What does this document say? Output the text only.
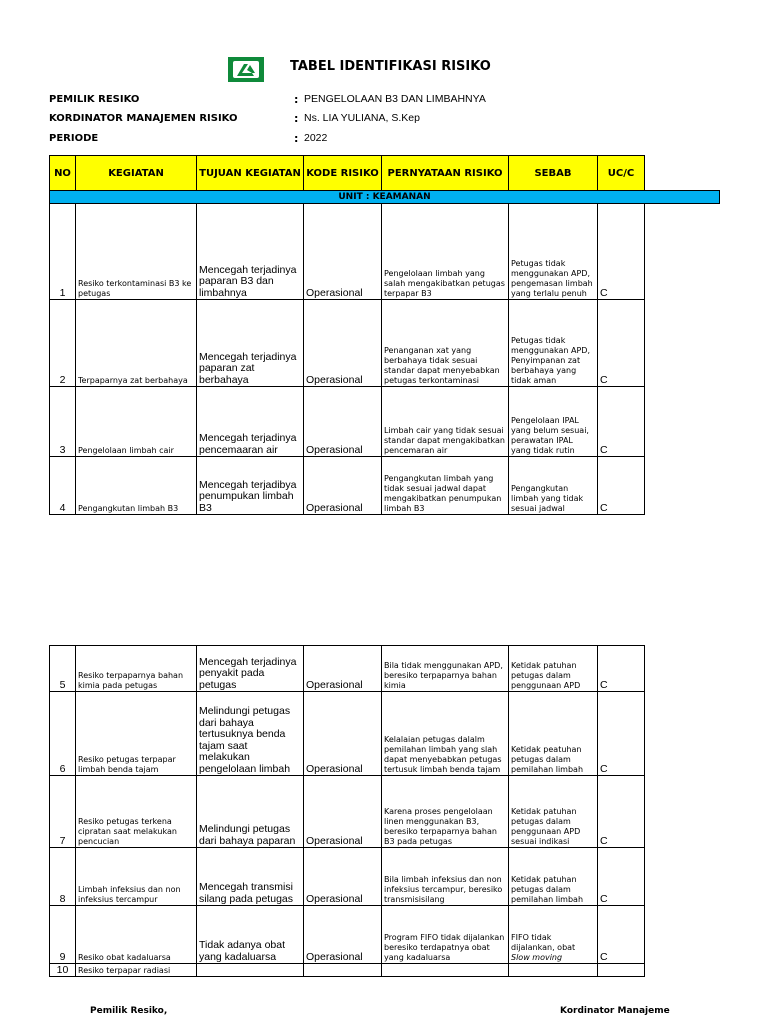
TABEL IDENTIFIKASI RISIKO
PEMILIK RESIKO	: PENGELOLAAN B3 DAN LIMBAHNYA
KORDINATOR MANAJEMEN RISIKO	: Ns. LIA YULIANA, S.Kep
PERIODE	: 2022
NO	KEGIATAN	TUJUAN KEGIATAN	KODE RISIKO	PERNYATAAN RISIKO	SEBAB	UC/C	
UNIT : KEAMANAN							
1	Resiko terkontaminasi B3 ke petugas	Mencegah terjadinya paparan B3 dan limbahnya	Operasional	Pengelolaan limbah yang salah mengakibatkan petugas terpapar B3	Petugas tidak menggunakan APD, pengemasan limbah yang terlalu penuh	C	
2	Terpaparnya zat berbahaya	Mencegah terjadinya paparan zat berbahaya	Operasional	Penanganan xat yang berbahaya tidak sesuai standar dapat menyebabkan petugas terkontaminasi	Petugas tidak menggunakan APD, Penyimpanan zat berbahaya yang tidak aman	C	
3	Pengelolaan limbah cair	Mencegah terjadinya pencemaaran air	Operasional	Limbah cair yang tidak sesuai standar dapat mengakibatkan pencemaran air	Pengelolaan IPAL yang belum sesuai, perawatan IPAL yang tidak rutin	C	
4	Pengangkutan limbah B3	Mencegah terjadibya penumpukan limbah B3	Operasional	Pengangkutan limbah yang tidak sesuai jadwal dapat mengakibatkan penumpukan limbah B3	Pengangkutan limbah yang tidak sesuai jadwal	C	
5	Resiko terpaparnya bahan kimia pada petugas	Mencegah terjadinya penyakit pada petugas	Operasional	Bila tidak menggunakan APD, beresiko terpaparnya bahan kimia	Ketidak patuhan petugas dalam penggunaan APD	C
6	Resiko petugas terpapar limbah benda tajam	Melindungi petugas dari bahaya tertusuknya benda tajam saat melakukan pengelolaan limbah	Operasional	Kelalaian petugas dalalm pemilahan limbah yang slah dapat menyebabkan petugas tertusuk limbah benda tajam	Ketidak peatuhan petugas dalam pemilahan limbah	C
7	Resiko petugas terkena cipratan saat melakukan pencucian	Melindungi petugas dari bahaya paparan	Operasional	Karena proses pengelolaan linen menggunakan B3, beresiko terpaparnya bahan B3 pada petugas	Ketidak patuhan petugas dalam penggunaan APD sesuai indikasi	C
8	Limbah infeksius dan non infeksius tercampur	Mencegah transmisi silang pada petugas	Operasional	Bila limbah infeksius dan non infeksius tercampur, beresiko transmisisilang	Ketidak patuhan petugas dalam pemilahan limbah	C
9	Resiko obat kadaluarsa	Tidak adanya obat yang kadaluarsa	Operasional	Program FIFO tidak dijalankan beresiko terdapatnya obat yang kadaluarsa	FIFO tidak dijalankan, obat Slow moving	C
10	Resiko terpapar radiasi					
Pemilik Resiko,	Kordinator Manajeme
